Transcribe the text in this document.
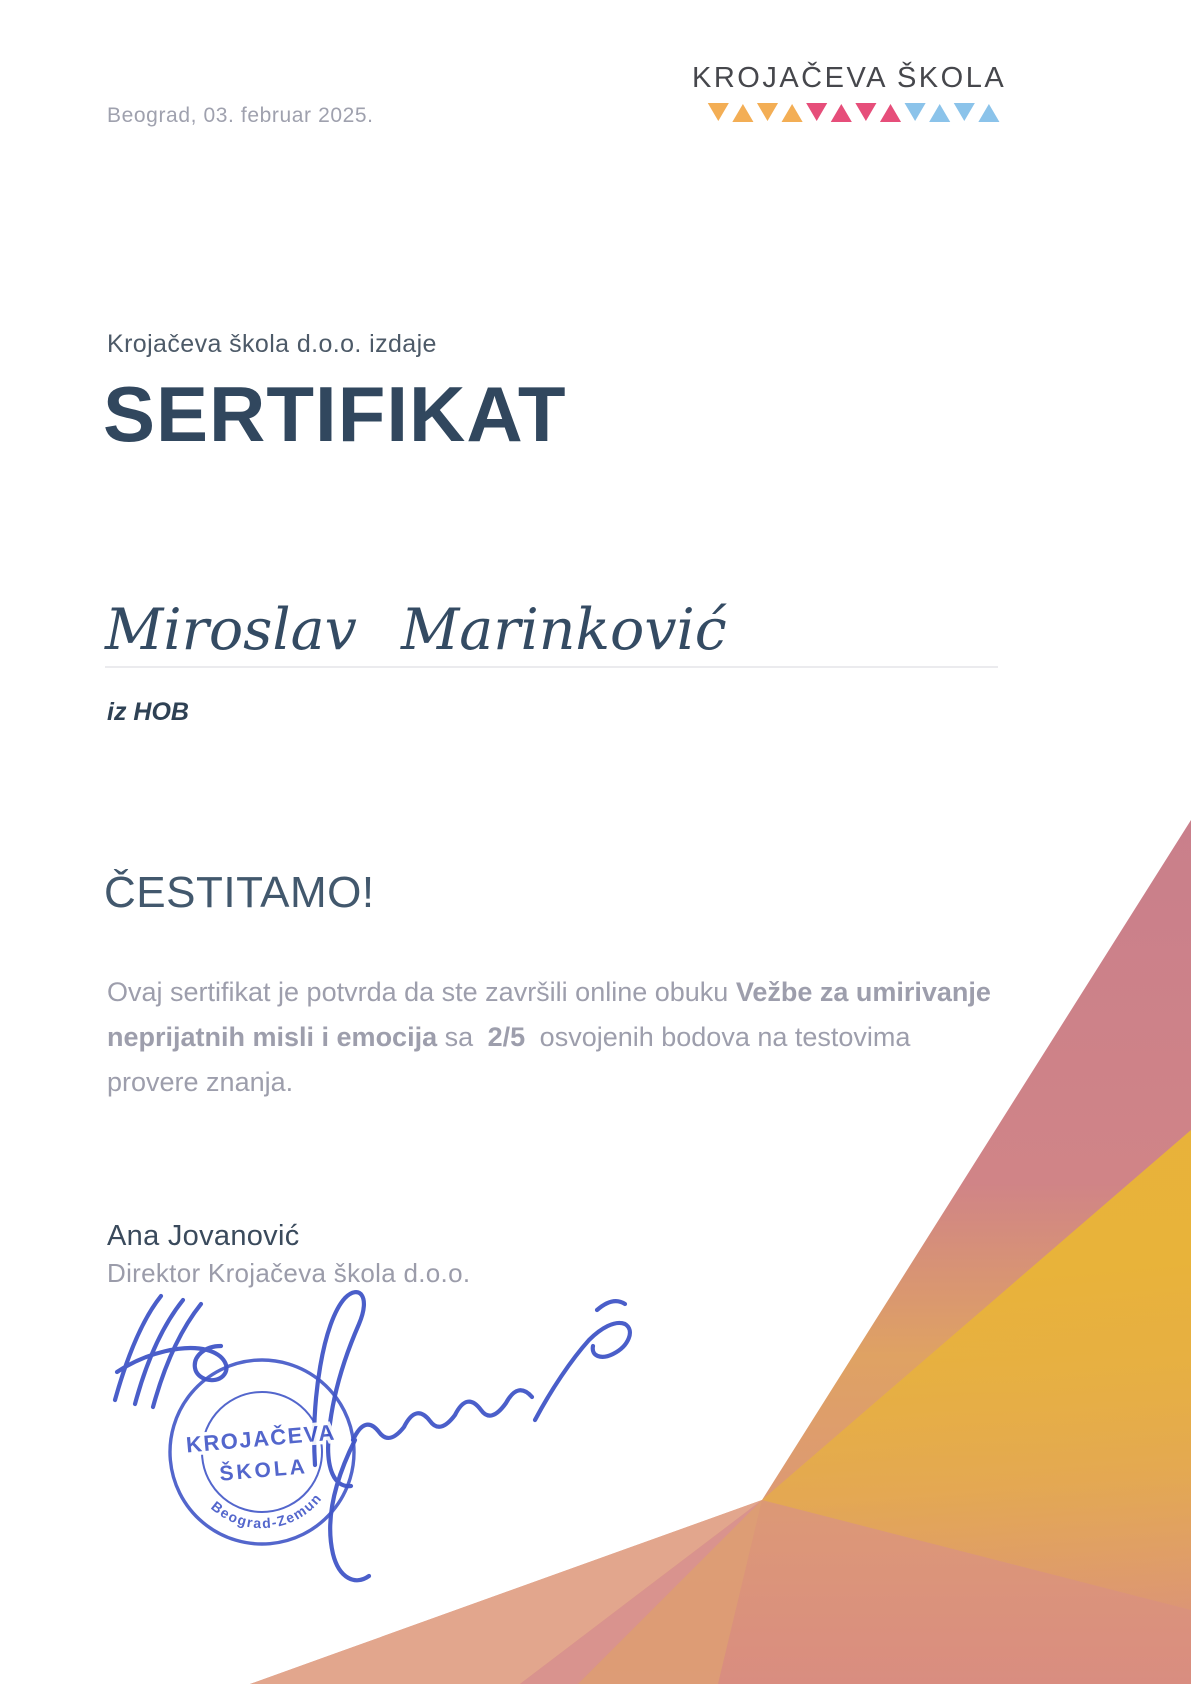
Beograd, 03. februar 2025.
KROJAČEVA ŠKOLA
Krojačeva škola d.o.o. izdaje
SERTIFIKAT
Miroslav Marinković
iz HOB
ČESTITAMO!

Ovaj sertifikat je potvrda da ste završili online obuku Vežbe za umirivanje neprijatnih misli i emocija sa 2/5 osvojenih bodova na testovima provere znanja.

Ana Jovanović
Direktor Krojačeva škola d.o.o.
KROJAČEVA
ŠKOLA
Beograd-Zemun
